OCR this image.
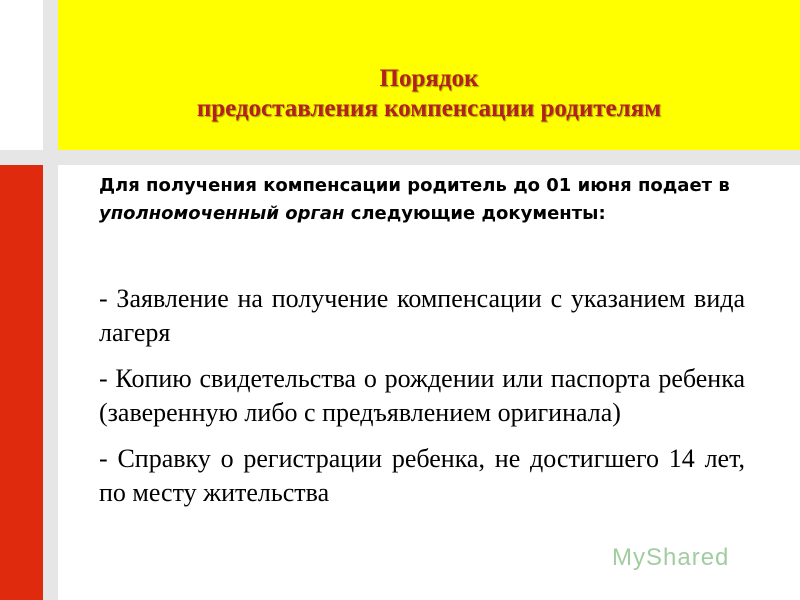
Порядок
предоставления компенсации родителям
Для получения компенсации родитель до 01 июня подает в уполномоченный орган следующие документы:
- Заявление на получение компенсации с указанием вида лагеря
- Копию свидетельства о рождении или паспорта ребенка (заверенную либо с предъявлением оригинала)
- Справку о регистрации ребенка, не достигшего 14 лет, по месту жительства
MyShared
